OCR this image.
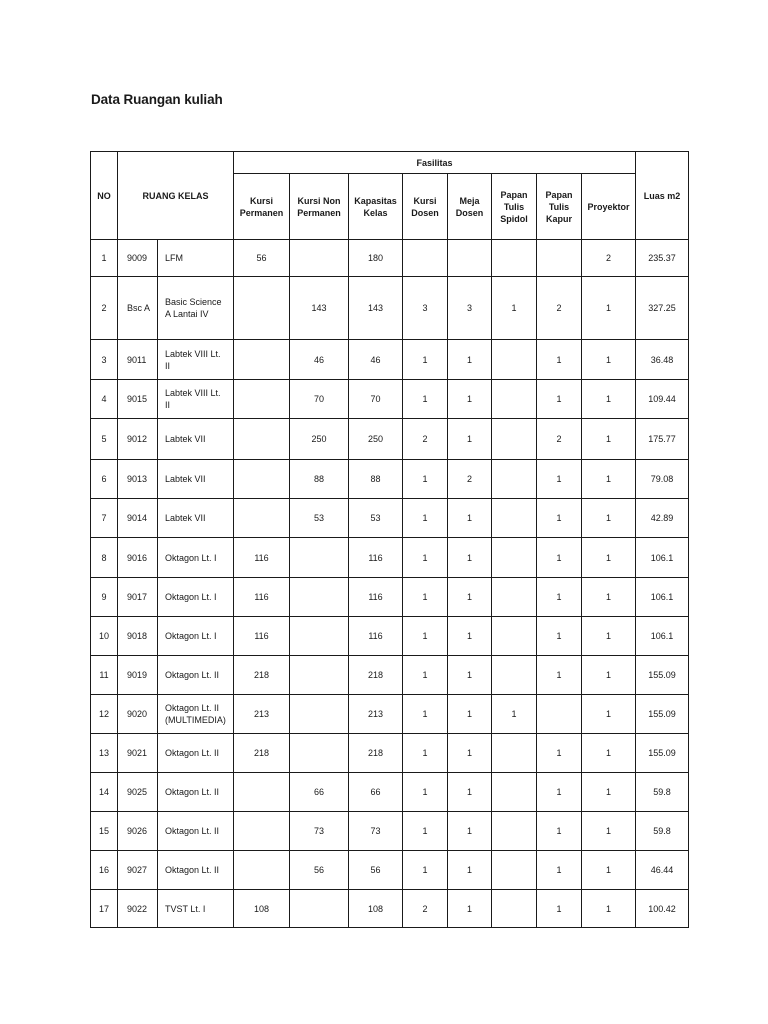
Data Ruangan kuliah
NO	RUANG KELAS		Fasilitas								Luas m2
			Kursi Permanen	Kursi Non Permanen	Kapasitas Kelas	Kursi Dosen	Meja Dosen	Papan Tulis Spidol	Papan Tulis Kapur	Proyektor	
1	9009	LFM	56		180					2	235.37
2	Bsc A	Basic Science
A Lantai IV		143	143	3	3	1	2	1	327.25
3	9011	Labtek VIII Lt.
II		46	46	1	1		1	1	36.48
4	9015	Labtek VIII Lt.
II		70	70	1	1		1	1	109.44
5	9012	Labtek VII		250	250	2	1		2	1	175.77
6	9013	Labtek VII		88	88	1	2		1	1	79.08
7	9014	Labtek VII		53	53	1	1		1	1	42.89
8	9016	Oktagon Lt. I	116		116	1	1		1	1	106.1
9	9017	Oktagon Lt. I	116		116	1	1		1	1	106.1
10	9018	Oktagon Lt. I	116		116	1	1		1	1	106.1
11	9019	Oktagon Lt. II	218		218	1	1		1	1	155.09
12	9020	Oktagon Lt. II
(MULTIMEDIA)	213		213	1	1	1		1	155.09
13	9021	Oktagon Lt. II	218		218	1	1		1	1	155.09
14	9025	Oktagon Lt. II		66	66	1	1		1	1	59.8
15	9026	Oktagon Lt. II		73	73	1	1		1	1	59.8
16	9027	Oktagon Lt. II		56	56	1	1		1	1	46.44
17	9022	TVST Lt. I	108		108	2	1		1	1	100.42
